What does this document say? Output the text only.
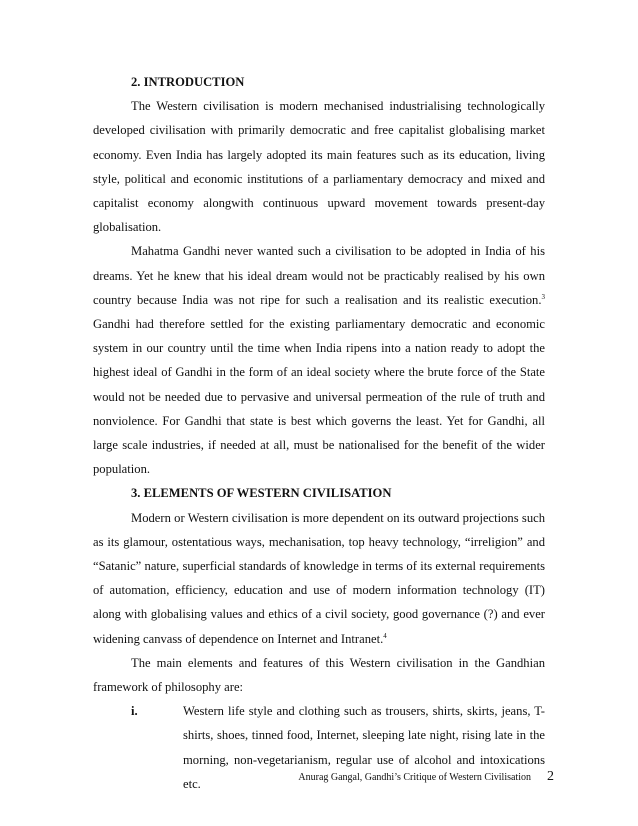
2. INTRODUCTION

The Western civilisation is modern mechanised industrialising technologically developed civilisation with primarily democratic and free capitalist globalising market economy. Even India has largely adopted its main features such as its education, living style, political and economic institutions of a parliamentary democracy and mixed and capitalist economy alongwith continuous upward movement towards present-day globalisation.

Mahatma Gandhi never wanted such a civilisation to be adopted in India of his dreams. Yet he knew that his ideal dream would not be practicably realised by his own country because India was not ripe for such a realisation and its realistic execution.$^3$ Gandhi had therefore settled for the existing parliamentary democratic and economic system in our country until the time when India ripens into a nation ready to adopt the highest ideal of Gandhi in the form of an ideal society where the brute force of the State would not be needed due to pervasive and universal permeation of the rule of truth and nonviolence. For Gandhi that state is best which governs the least. Yet for Gandhi, all large scale industries, if needed at all, must be nationalised for the benefit of the wider population.

3. ELEMENTS OF WESTERN CIVILISATION

Modern or Western civilisation is more dependent on its outward projections such as its glamour, ostentatious ways, mechanisation, top heavy technology, “irreligion” and “Satanic” nature, superficial standards of knowledge in terms of its external requirements of automation, efficiency, education and use of modern information technology (IT) along with globalising values and ethics of a civil society, good governance (?) and ever widening canvass of dependence on Internet and Intranet.$^4$

The main elements and features of this Western civilisation in the Gandhian framework of philosophy are:

i.	Western life style and clothing such as trousers, shirts, skirts, jeans, T-shirts, shoes, tinned food, Internet, sleeping late night, rising late in the morning, non-vegetarianism, regular use of alcohol and intoxications etc.	Anurag Gangal, Gandhi’s Critique of Western Civilisation 2
